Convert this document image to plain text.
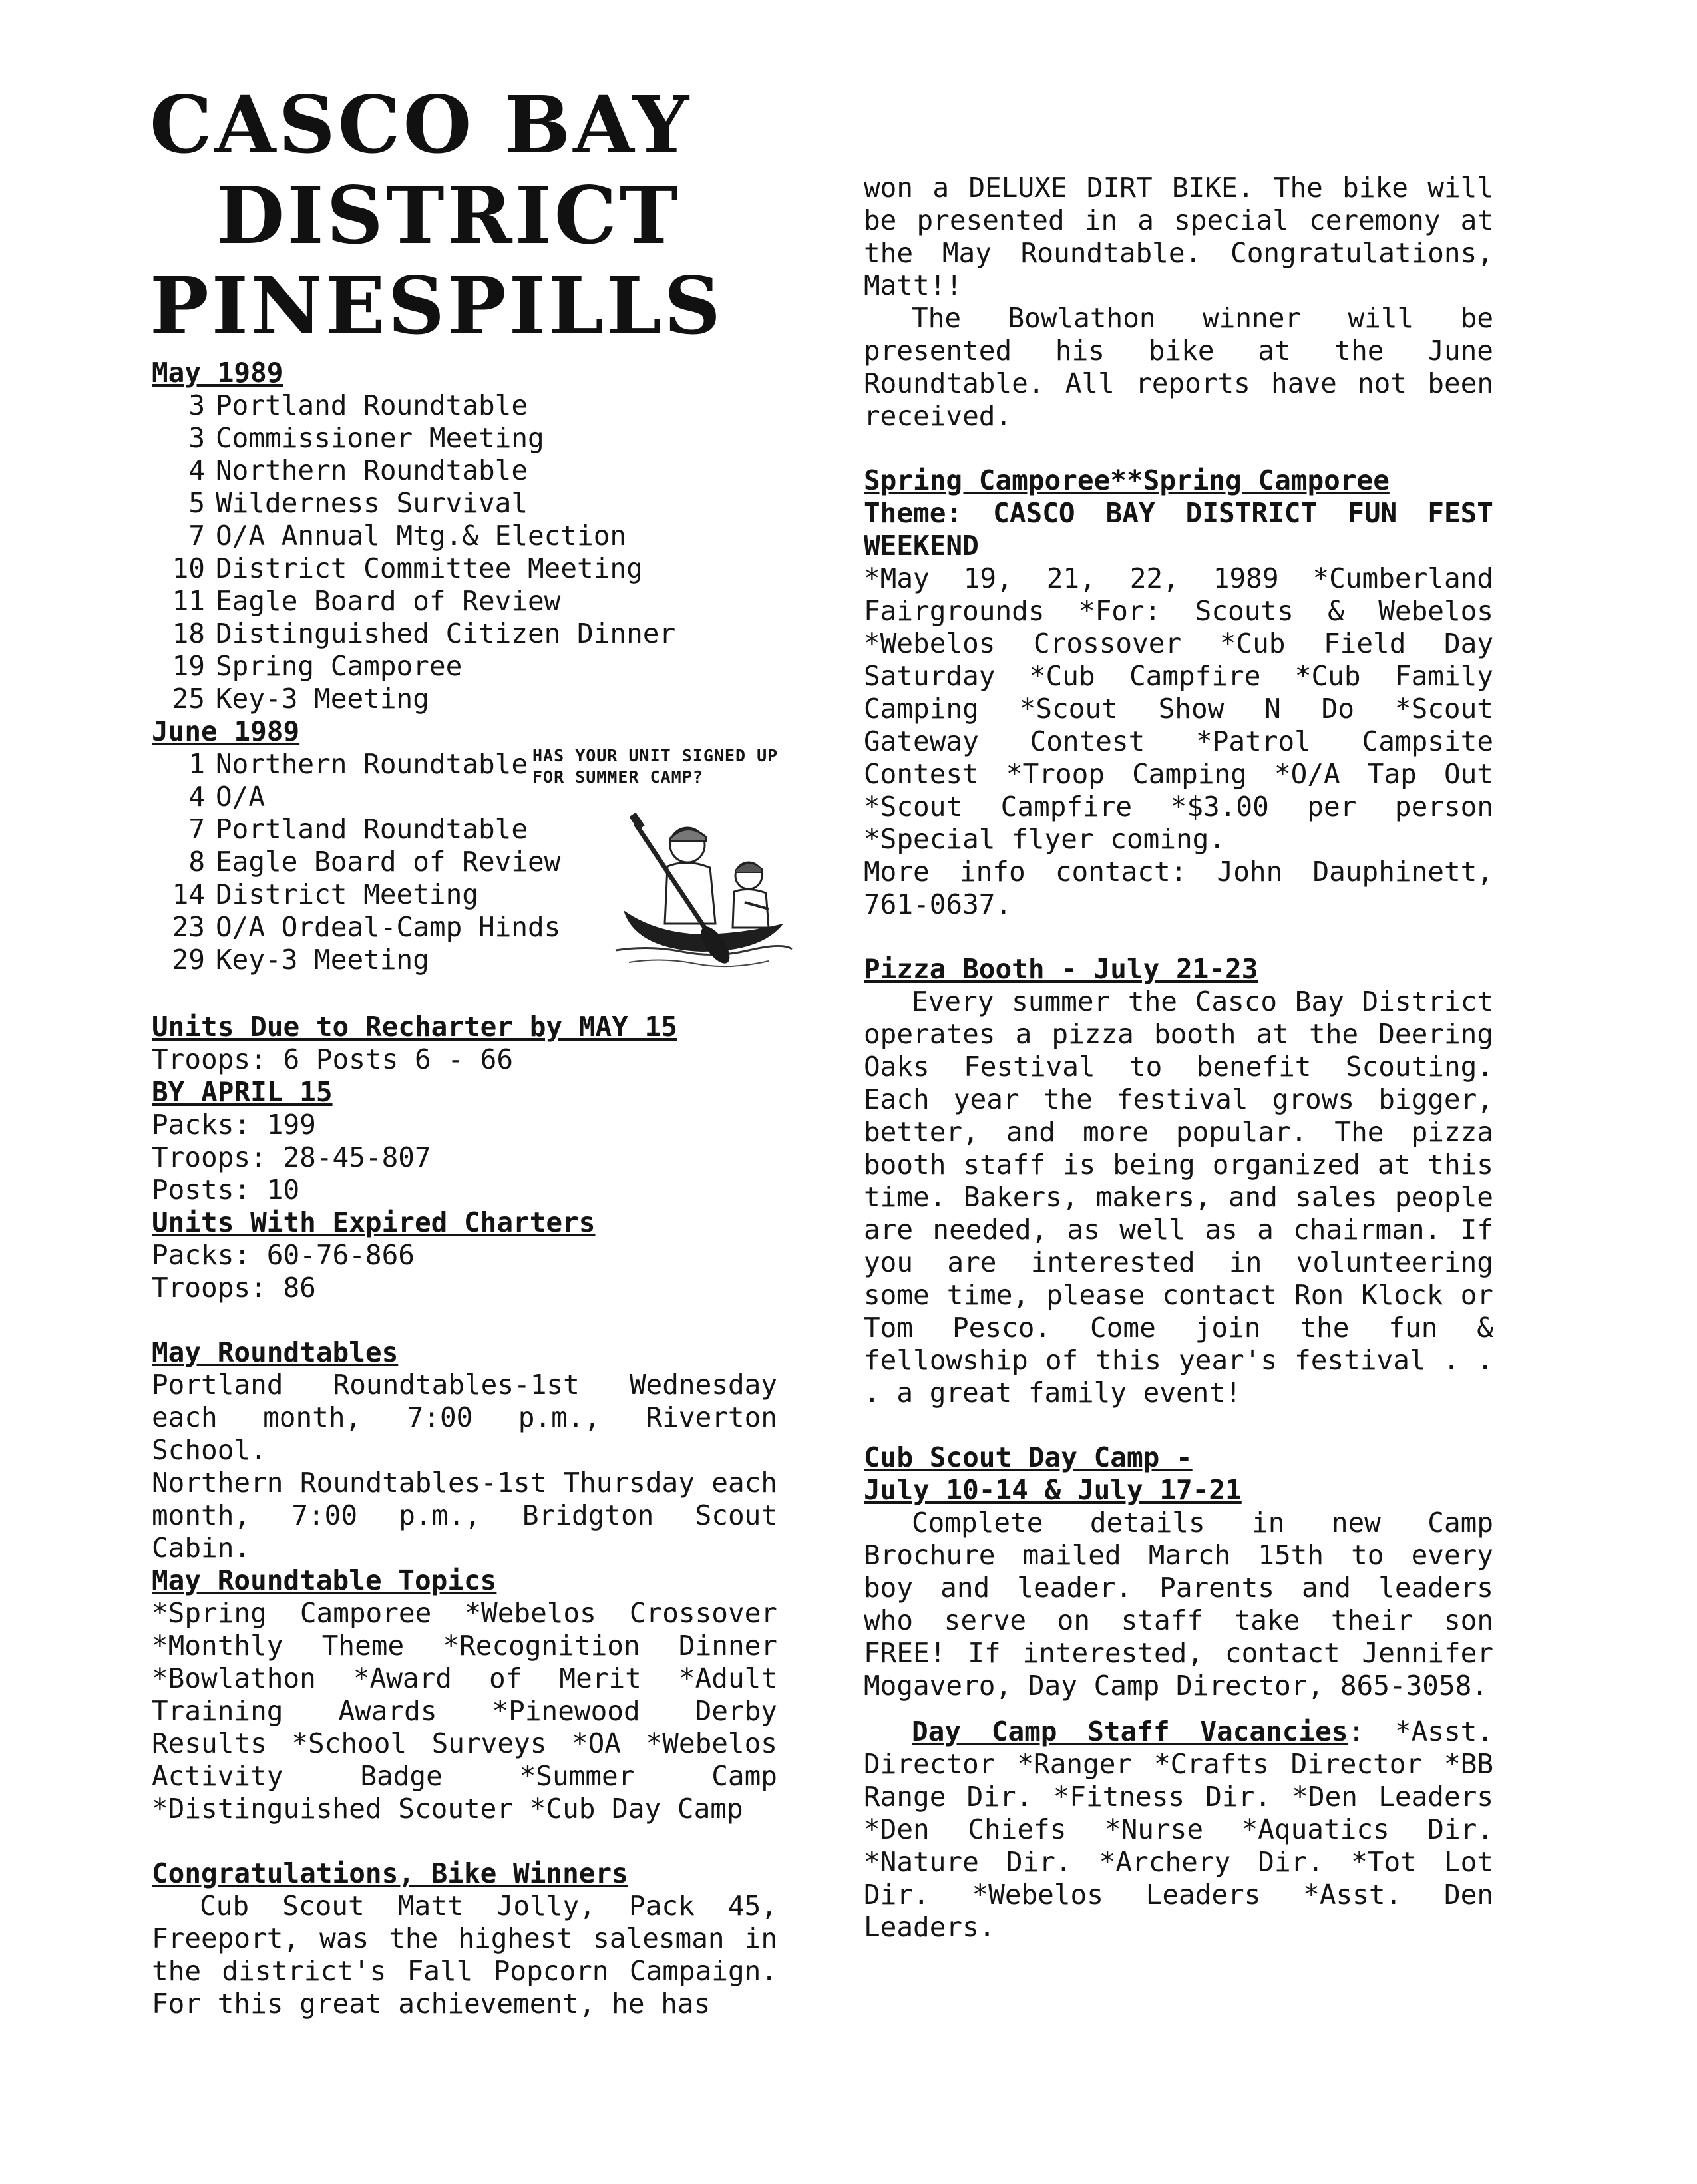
CASCO BAY
DISTRICT
PINESPILLS
HAS YOUR UNIT SIGNED UP
FOR SUMMER CAMP?
May 1989
3 Portland Roundtable
3 Commissioner Meeting
4 Northern Roundtable
5 Wilderness Survival
7 O/A Annual Mtg.& Election
10 District Committee Meeting
11 Eagle Board of Review
18 Distinguished Citizen Dinner
19 Spring Camporee
25 Key-3 Meeting
June 1989
1 Northern Roundtable
4 O/A
7 Portland Roundtable
8 Eagle Board of Review
14 District Meeting
23 O/A Ordeal-Camp Hinds
29 Key-3 Meeting
Units Due to Recharter by MAY 15
Troops: 6 Posts 6 - 66
BY APRIL 15
Packs: 199
Troops: 28-45-807
Posts: 10
Units With Expired Charters
Packs: 60-76-866
Troops: 86
May Roundtables

Portland Roundtables-1st Wednesday each month, 7:00 p.m., Riverton School.

Northern Roundtables-1st Thursday each month, 7:00 p.m., Bridgton Scout Cabin.

May Roundtable Topics

*Spring Camporee *Webelos Crossover *Monthly Theme *Recognition Dinner *Bowlathon *Award of Merit *Adult Training Awards *Pinewood Derby Results *School Surveys *OA *Webelos Activity Badge *Summer Camp *Distinguished Scouter *Cub Day Camp

Congratulations, Bike Winners

Cub Scout Matt Jolly, Pack 45, Freeport, was the highest salesman in the district's Fall Popcorn Campaign. For this great achievement, he has

won a DELUXE DIRT BIKE. The bike will be presented in a special ceremony at the May Roundtable. Congratulations, Matt!!

The Bowlathon winner will be presented his bike at the June Roundtable. All reports have not been received.

Spring Camporee**Spring Camporee

Theme: CASCO BAY DISTRICT FUN FEST WEEKEND

*May 19, 21, 22, 1989 *Cumberland Fairgrounds *For: Scouts & Webelos *Webelos Crossover *Cub Field Day Saturday *Cub Campfire *Cub Family Camping *Scout Show N Do *Scout Gateway Contest *Patrol Campsite Contest *Troop Camping *O/A Tap Out *Scout Campfire *$3.00 per person *Special flyer coming.

More info contact: John Dauphinett, 761-0637.

Pizza Booth - July 21-23

Every summer the Casco Bay District operates a pizza booth at the Deering Oaks Festival to benefit Scouting. Each year the festival grows bigger, better, and more popular. The pizza booth staff is being organized at this time. Bakers, makers, and sales people are needed, as well as a chairman. If you are interested in volunteering some time, please contact Ron Klock or Tom Pesco. Come join the fun & fellowship of this year's festival . . . a great family event!

Cub Scout Day Camp -
July 10-14 & July 17-21

Complete details in new Camp Brochure mailed March 15th to every boy and leader. Parents and leaders who serve on staff take their son FREE! If interested, contact Jennifer Mogavero, Day Camp Director, 865-3058.

Day Camp Staff Vacancies: *Asst. Director *Ranger *Crafts Director *BB Range Dir. *Fitness Dir. *Den Leaders *Den Chiefs *Nurse *Aquatics Dir. *Nature Dir. *Archery Dir. *Tot Lot Dir. *Webelos Leaders *Asst. Den Leaders.
